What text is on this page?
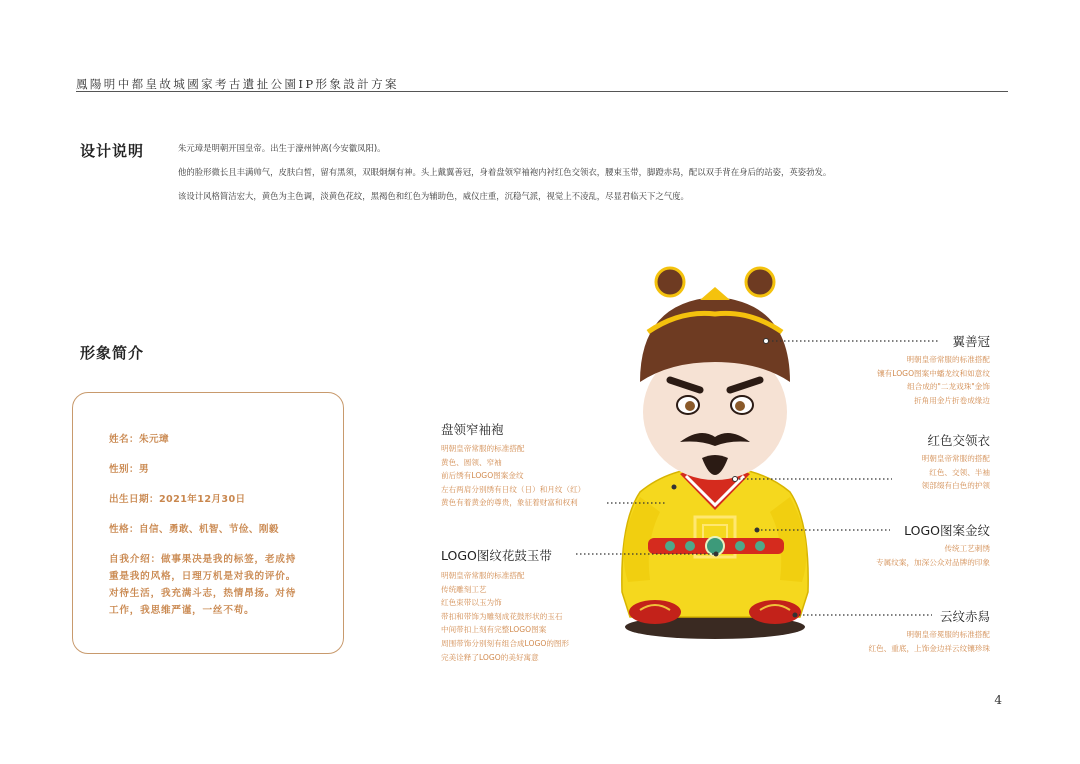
鳳陽明中都皇故城國家考古遺扯公園IP形象設計方案
设计说明	朱元璋是明朝开国皇帝。出生于濠州钟离(今安徽凤阳)。
他的脸形微长且丰满帅气，皮肤白皙，留有黑须，双眼炯炯有神。头上戴翼善冠，身着盘领窄袖袍内衬红色交领衣，腰束玉带，脚蹬赤舄，配以双手背在身后的站姿，英姿勃发。
该设计风格简洁宏大，黄色为主色调，淡黄色花纹，黑褐色和红色为辅助色，威仪庄重，沉稳气派，视觉上不凌乱，尽显君临天下之气度。
形象简介
姓名：朱元璋
性别：男
出生日期：2021年12月30日
性格：自信、勇敢、机智、节俭、刚毅
自我介绍：做事果决是我的标签，老成持
重是我的风格，日理万机是对我的评价。
对待生活，我充满斗志，热情昂扬。对待
工作，我思维严谨，一丝不苟。
翼善冠
明朝皇帝常服的标准搭配
镶有LOGO图案中蟠龙纹和如意纹
组合成的"二龙戏珠"金饰
折角用金片折卷成缘边
红色交领衣
明朝皇帝常服的搭配
红色、交领、半袖
领部缀有白色的护领
LOGO图案金纹
传统工艺刺绣
专属纹案，加深公众对品牌的印象
云纹赤舄
明朝皇帝冕服的标准搭配
红色、重底，上饰金边祥云纹镶珍珠
盘领窄袖袍
明朝皇帝常服的标准搭配
黄色、圆领、窄袖
前后绣有LOGO图案金纹
左右两肩分别绣有日纹（日）和月纹（红）
黄色有着黄金的尊贵，象征着财富和权利
LOGO图纹花鼓玉带
明朝皇帝常服的标准搭配
传统雕刻工艺
红色束带以玉为饰
带扣和带饰为雕刻成花鼓形状的玉石
中间带扣上刻有完整LOGO图案
周围带饰分别刻有组合成LOGO的图形
完美诠释了LOGO的美好寓意
4
